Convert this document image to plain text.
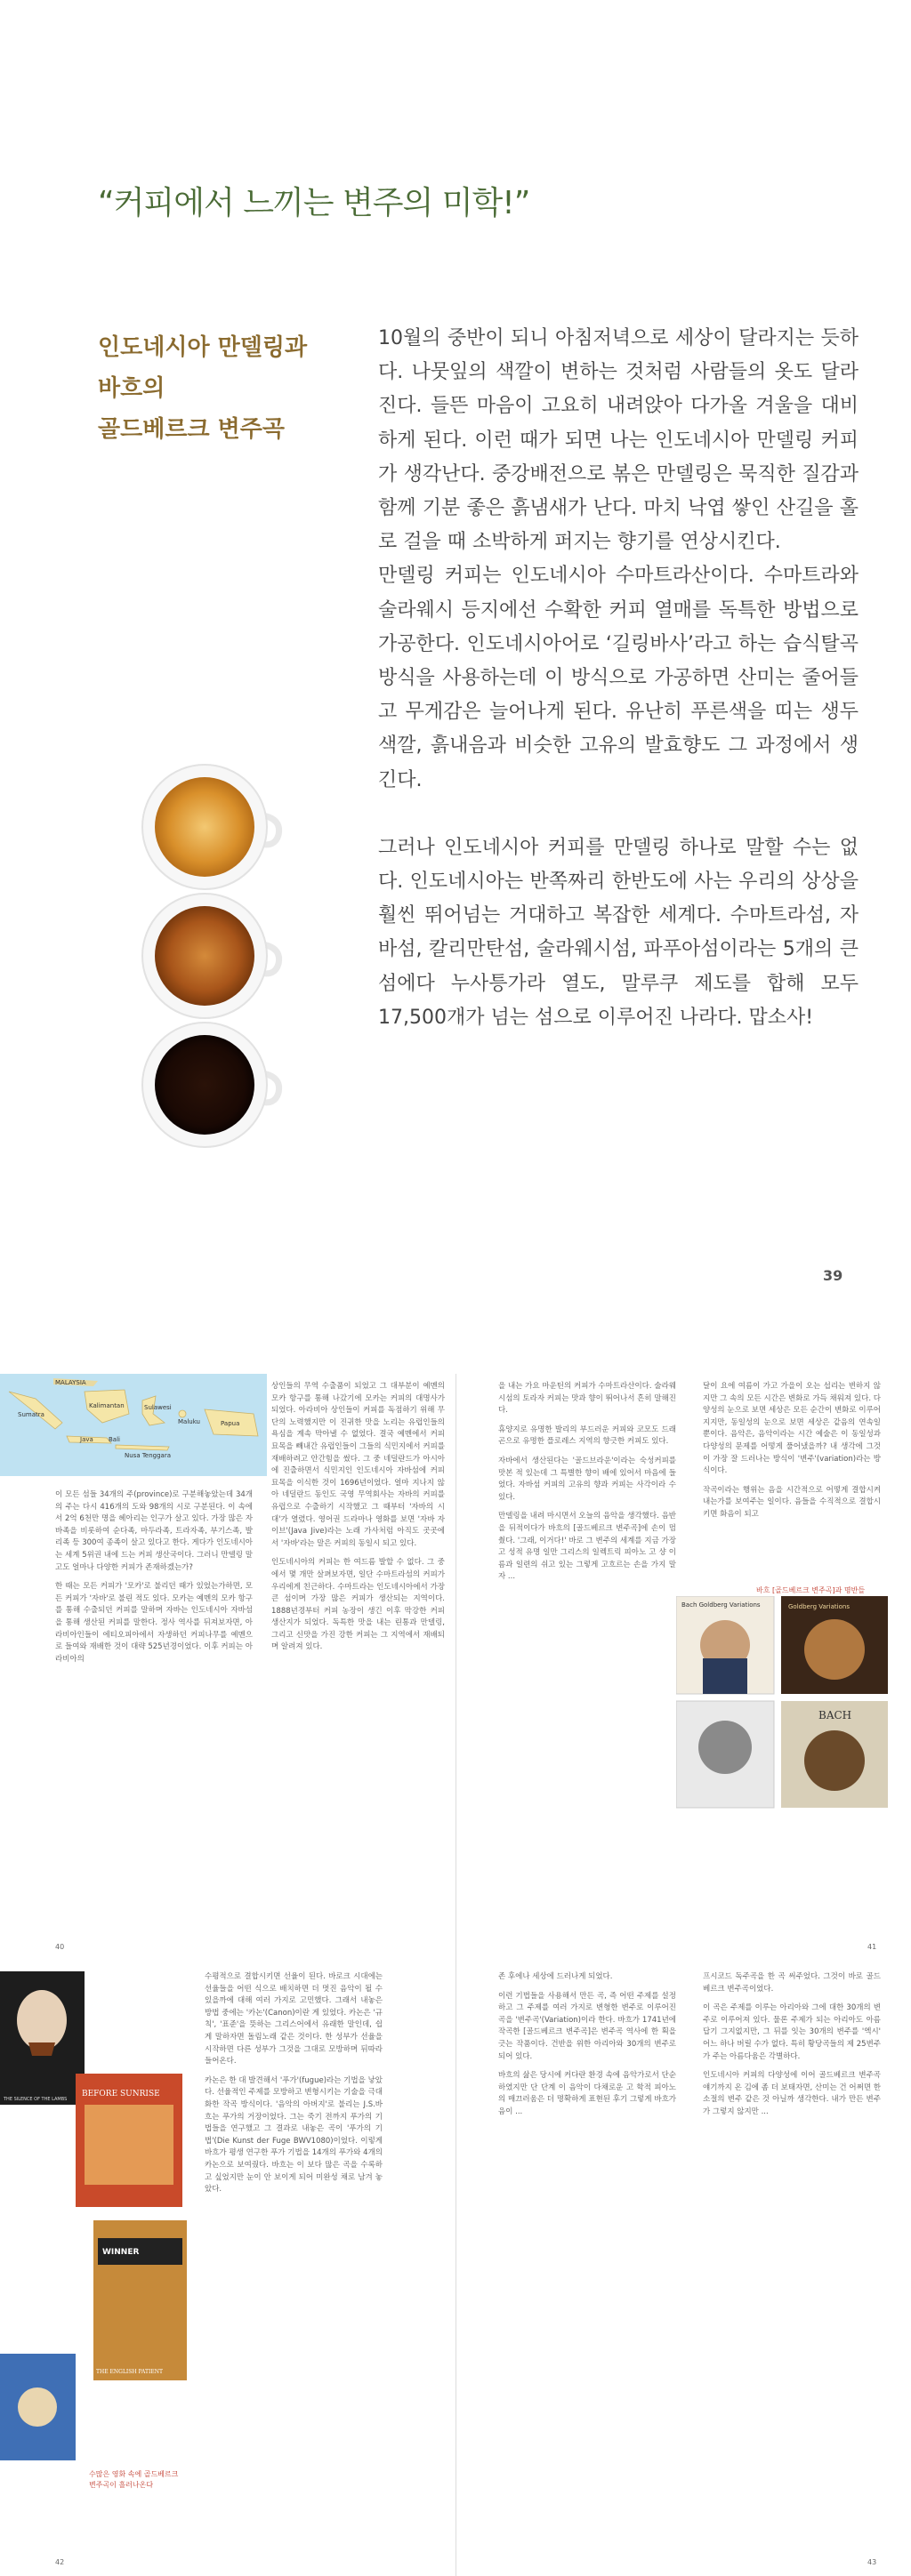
“커피에서 느끼는 변주의 미학!”
인도네시아 만델링과
바흐의
골드베르크 변주곡

10월의 중반이 되니 아침저녁으로 세상이 달라지는 듯하다. 나뭇잎의 색깔이 변하는 것처럼 사람들의 옷도 달라진다. 들뜬 마음이 고요히 내려앉아 다가올 겨울을 대비하게 된다. 이런 때가 되면 나는 인도네시아 만델링 커피가 생각난다. 중강배전으로 볶은 만델링은 묵직한 질감과 함께 기분 좋은 흙냄새가 난다. 마치 낙엽 쌓인 산길을 홀로 걸을 때 소박하게 퍼지는 향기를 연상시킨다.

만델링 커피는 인도네시아 수마트라산이다. 수마트라와 술라웨시 등지에선 수확한 커피 열매를 독특한 방법으로 가공한다. 인도네시아어로 ‘길링바사’라고 하는 습식탈곡 방식을 사용하는데 이 방식으로 가공하면 산미는 줄어들고 무게감은 늘어나게 된다. 유난히 푸른색을 띠는 생두 색깔, 흙내음과 비슷한 고유의 발효향도 그 과정에서 생긴다.

그러나 인도네시아 커피를 만델링 하나로 말할 수는 없다. 인도네시아는 반쪽짜리 한반도에 사는 우리의 상상을 훨씬 뛰어넘는 거대하고 복잡한 세계다. 수마트라섬, 자바섬, 칼리만탄섬, 술라웨시섬, 파푸아섬이라는 5개의 큰 섬에다 누사틍가라 열도, 말루쿠 제도를 합해 모두 17,500개가 넘는 섬으로 이루어진 나라다. 맙소사!

39
MALAYSIA
Sumatra
Kalimantan	Sulawesi
Maluku	Papua
Java
Nusa Tenggara
Bali

이 모든 섬들 34개의 주(province)로 구분해놓았는데 34개의 주는 다시 416개의 도와 98개의 시로 구분된다. 이 속에서 2억 6천만 명을 헤아리는 인구가 살고 있다. 가장 많은 자바족을 비롯하여 순다족, 마두라족, 트라자족, 부기스족, 발리족 등 300여 종족이 살고 있다고 한다. 게다가 인도네시아는 세계 5위권 내에 드는 커피 생산국이다. 그러니 만델링 말고도 얼마나 다양한 커피가 존재하겠는가?

한 때는 모든 커피가 '모카'로 불리던 때가 있었는가하면, 모든 커피가 '자바'로 불린 적도 있다. 모카는 예멘의 모카 항구를 통해 수출되던 커피를 말하며 자바는 인도네시아 자바섬을 통해 생산된 커피를 말한다. 정사 역사를 뒤져보자면, 아라비아인들이 에티오피아에서 자생하던 커피나무를 예멘으로 들여와 재배한 것이 대략 525년경이었다. 이후 커피는 아라비아의

상인들의 무역 수출품이 되었고 그 대부분이 예멘의 모카 항구를 통해 나갔기에 모카는 커피의 대명사가 되었다. 아라비아 상인들이 커피를 독점하기 위해 무단의 노력했지만 이 진귀한 맛을 노리는 유럽인들의 욕심을 계속 막아낼 수 없었다. 결국 예멘에서 커피 묘목을 빼내간 유럽인들이 그들의 식민지에서 커피를 재배하려고 안간힘을 썼다. 그 중 네덜란드가 아시아에 진출하면서 식민지인 인도네시아 자바섬에 커피 묘목을 이식한 것이 1696년이었다. 얼마 지나지 않아 네덜란드 동인도 국영 무역회사는 자바의 커피를 유럽으로 수출하기 시작했고 그 때부터 '자바의 시대'가 열렸다. 영어권 드라마나 영화를 보면 '자바 자이브'(Java Jive)라는 노래 가사처럼 아직도 곳곳에서 '자바'라는 말은 커피의 동일시 되고 있다.

인도네시아의 커피는 한 여드름 발할 수 없다. 그 중에서 몇 개만 살펴보자면, 일단 수마트라섬의 커피가 우리에게 친근하다. 수마트라는 인도네시아에서 가장 큰 섬이며 가장 많은 커피가 생산되는 지역이다. 1888년경부터 커피 농장이 생긴 이후 막강한 커피 생산지가 되었다. 독특한 맛을 내는 린통과 만델링, 그리고 신맛을 가진 강한 커피는 그 지역에서 재배되며 알려져 있다.

40

을 내는 가요 마운틴의 커피가 수마트라산이다. 술라웨시섬의 토라자 커피는 맛과 향이 뛰어나서 흔히 말해진다.

휴양지로 유명한 발리의 부드러운 커피와 코모도 드래곤으로 유명한 플로레스 지역의 향긋한 커피도 있다.

자바에서 생산된다는 '골드브라운'이라는 숙성커피를 맛본 적 있는데 그 특별한 향이 배에 있어서 마음에 들었다. 자바섬 커피의 고유의 향과 커피는 사각이라 수 있다.

만델링을 내려 마시면서 오늘의 음악을 생각했다. 음반을 뒤적이다가 바흐의 [골드베르크 변주곡]에 손이 멈췄다. '그래, 이거다!' 바로 그 변주의 세계를 지금 가장 고 성적 유명 일만 그리스의 일렉트릭 피아노 고 샹 이름과 일련의 쉬고 있는 그렇게 고흐르는 손을 가지 말자 ...

달이 요에 여름이 가고 가을이 오는 섭리는 변하지 않지만 그 속의 모든 시간은 변화로 가득 채워져 있다. 다양성의 눈으로 보면 세상은 모든 순간이 변화로 이루어지지만, 동일성의 눈으로 보면 세상은 같음의 연속일 뿐이다. 음악은, 음악이라는 시간 예술은 이 동일성과 다양성의 문제를 어떻게 풀어냈을까? 내 생각에 그것이 가장 잘 드러나는 방식이 '변주'(variation)라는 방식이다.

작곡이라는 행위는 음을 시간적으로 어떻게 결합시켜내는가를 보여주는 일이다. 음들을 수직적으로 결합시키면 화음이 되고

바흐 [골드베르크 변주곡]과 명반들
Bach Goldberg Variations	Goldberg Variations
BACH
41
THE SILENCE OF THE LAMBS
BEFORE SUNRISE
WINNER
THE ENGLISH PATIENT
수많은 영화 속에 골드베르크 변주곡이 흘러나온다

수평적으로 결합시키면 선율이 된다. 바로크 시대에는 선율들을 어떤 식으로 배치하면 더 멋진 음악이 될 수 있을까에 대해 여러 가지로 고민했다. 그래서 내놓은 방법 중에는 '카논'(Canon)이란 게 있었다. 카논은 '규칙', '표준'을 뜻하는 그리스어에서 유래한 말인데, 쉽게 말하자면 돌림노래 같은 것이다. 한 성부가 선율을 시작하면 다른 성부가 그것을 그대로 모방하며 뒤따라 들어온다.

카논은 한 대 발견해서 '푸가'(fugue)라는 기법을 낳았다. 선율적인 주제를 모방하고 변형시키는 기술을 극대화한 작곡 방식이다. '음악의 아버지'로 불리는 J.S.바흐는 푸가의 거장이었다. 그는 죽기 전까지 푸가의 기법들을 연구했고 그 결과로 내놓은 곡이 '푸가의 기법'(Die Kunst der Fuge BWV1080)이었다. 이렇게 바흐가 평생 연구한 푸가 기법을 14개의 푸가와 4개의 카논으로 보여줬다. 바흐는 이 보다 많은 곡을 수록하고 싶었지만 눈이 안 보이게 되어 미완성 채로 남겨 놓았다.

42

존 후에나 세상에 드러나게 되었다.

이런 기법들을 사용해서 만든 곡, 즉 어떤 주제를 설정하고 그 주제를 여러 가지로 변형한 변주로 이루어진 곡을 '변주곡'(Variation)이라 한다. 바흐가 1741년에 작곡한 [골드베르크 변주곡]은 변주곡 역사에 한 획을 긋는 작품이다. 건반을 위한 아리아와 30개의 변주로 되어 있다.

바흐의 삶은 당시에 커다란 환경 속에 음악가로서 단순하였지만 단 단계 이 음악이 다채로운 고 학적 피아노의 매끄러움은 더 명확하게 표현된 후기 그렇게 바흐가 음이 ...

프시코드 독주곡을 한 곡 써주었다. 그것이 바로 골드베르크 변주곡이었다.

이 곡은 주제를 이루는 아리아와 그에 대한 30개의 변주로 이루어져 있다. 물론 주제가 되는 아리아도 아름답기 그지없지만, 그 뒤를 잇는 30개의 변주를 '엑시' 어느 하나 버릴 수가 없다. 특히 황당곡들의 제 25변주가 주는 아름다움은 각별하다.

인도네시아 커피의 다양성에 이어 골드베르크 변주곡 얘기까지 온 김에 좀 더 보태자면, 산미는 건 어쩌면 한 소절의 변주 같은 것 아닐까 생각한다. 내가 만든 변주가 그렇지 않지만 ...

43
